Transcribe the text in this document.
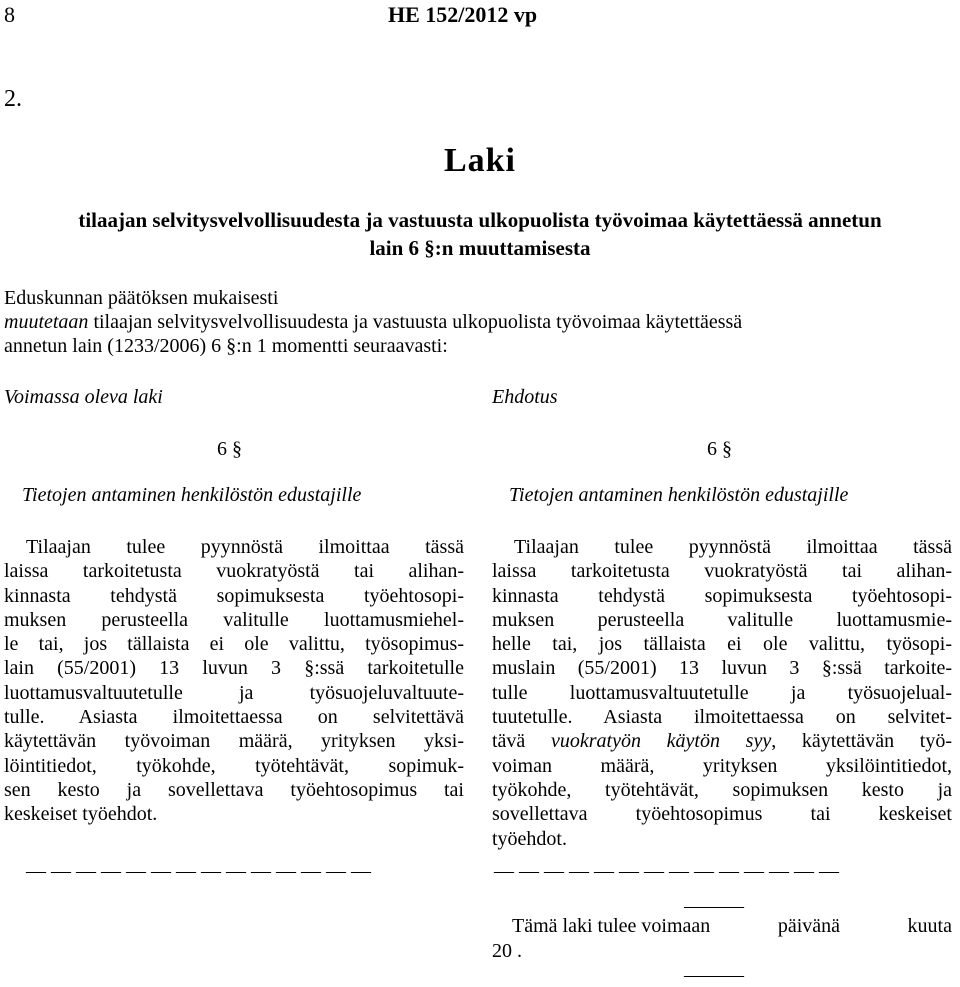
8	HE 152/2012 vp
2.
Laki
tilaajan selvitysvelvollisuudesta ja vastuusta ulkopuolista työvoimaa käytettäessä annetun
lain 6 §:n muuttamisesta
Eduskunnan päätöksen mukaisesti
muutetaan tilaajan selvitysvelvollisuudesta ja vastuusta ulkopuolista työvoimaa käytettäessä
annetun lain (1233/2006) 6 §:n 1 momentti seuraavasti:
Voimassa oleva laki	Ehdotus
6 §	6 §
Tietojen antaminen henkilöstön edustajille	Tietojen antaminen henkilöstön edustajille
Tilaajan tulee pyynnöstä ilmoittaa tässä
laissa tarkoitetusta vuokratyöstä tai alihan-
kinnasta tehdystä sopimuksesta työehtosopi-
muksen perusteella valitulle luottamusmiehel-
le tai, jos tällaista ei ole valittu, työsopimus-
lain (55/2001) 13 luvun 3 §:ssä tarkoitetulle
luottamusvaltuutetulle ja työsuojeluvaltuute-
tulle. Asiasta ilmoitettaessa on selvitettävä
käytettävän työvoiman määrä, yrityksen yksi-
löintitiedot, työkohde, työtehtävät, sopimuk-
sen kesto ja sovellettava työehtosopimus tai
keskeiset työehdot.
Tilaajan tulee pyynnöstä ilmoittaa tässä
laissa tarkoitetusta vuokratyöstä tai alihan-
kinnasta tehdystä sopimuksesta työehtosopi-
muksen perusteella valitulle luottamusmie-
helle tai, jos tällaista ei ole valittu, työsopi-
muslain (55/2001) 13 luvun 3 §:ssä tarkoite-
tulle luottamusvaltuutetulle ja työsuojelual-
tuutetulle. Asiasta ilmoitettaessa on selvitet-
tävä vuokratyön käytön syy, käytettävän työ-
voiman määrä, yrityksen yksilöintitiedot,
työkohde, työtehtävät, sopimuksen kesto ja
sovellettava työehtosopimus tai keskeiset
työehdot.
— — — — — — — — — — — — — —	— — — — — — — — — — — — — —
———
Tämä laki tulee voimaan	päivänä	kuuta
20 .
———
